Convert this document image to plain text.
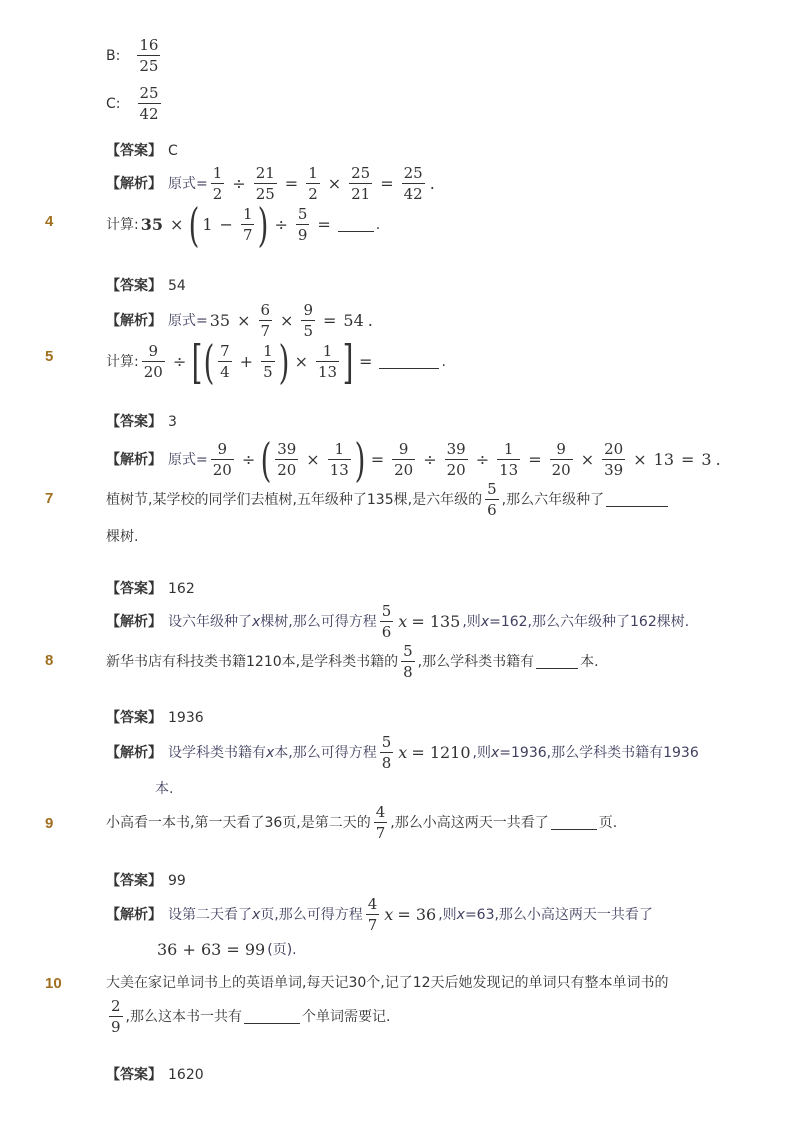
B: $\frac{16}{25}$
C: $\frac{25}{42}$
【答案】 C
【解析】 原式= $\frac{1}{2} \div \frac{21}{25} = \frac{1}{2} \times \frac{25}{21} = \frac{25}{42}$ .
4	计算: 35 × ( $1 - \frac{1}{7}$ ) ÷ $\frac{5}{9}$ =	.
【答案】 54
【解析】 原式= $35 \times \frac{6}{7} \times \frac{9}{5} = 54$ .
5	计算: $\frac{9}{20}$ ÷ [ ( $\frac{7}{4} + \frac{1}{5}$ ) × $\frac{1}{13}$ ] =	.
【答案】 3
【解析】 原式= $\frac{9}{20}$ ÷ ( $\frac{39}{20} \times \frac{1}{13}$ ) = $\frac{9}{20} \div \frac{39}{20} \div \frac{1}{13} = \frac{9}{20} \times \frac{20}{39} \times 13 = 3$ .
7	植树节,某学校的同学们去植树,五年级种了135棵,是六年级的 $\frac{5}{6}$ ,那么六年级种了
棵树.
【答案】 162
【解析】 设六年级种了 x 棵树,那么可得方程 $\frac{5}{6}$ x = 135 ,则 x =162,那么六年级种了162棵树.
8	新华书店有科技类书籍1210本,是学科类书籍的 $\frac{5}{8}$ ,那么学科类书籍有	本.
【答案】 1936
【解析】 设学科类书籍有 x 本,那么可得方程 $\frac{5}{8}$ x = 1210 ,则 x =1936,那么学科类书籍有1936
本.
9	小高看一本书,第一天看了36页,是第二天的 $\frac{4}{7}$ ,那么小高这两天一共看了	页.
【答案】 99
【解析】 设第二天看了 x 页,那么可得方程 $\frac{4}{7}$ x = 36 ,则 x =63,那么小高这两天一共看了
36 + 63 = 99 (页).
10	大美在家记单词书上的英语单词,每天记30个,记了12天后她发现记的单词只有整本单词书的
$\frac{2}{9}$ ,那么这本书一共有	个单词需要记.
【答案】 1620
